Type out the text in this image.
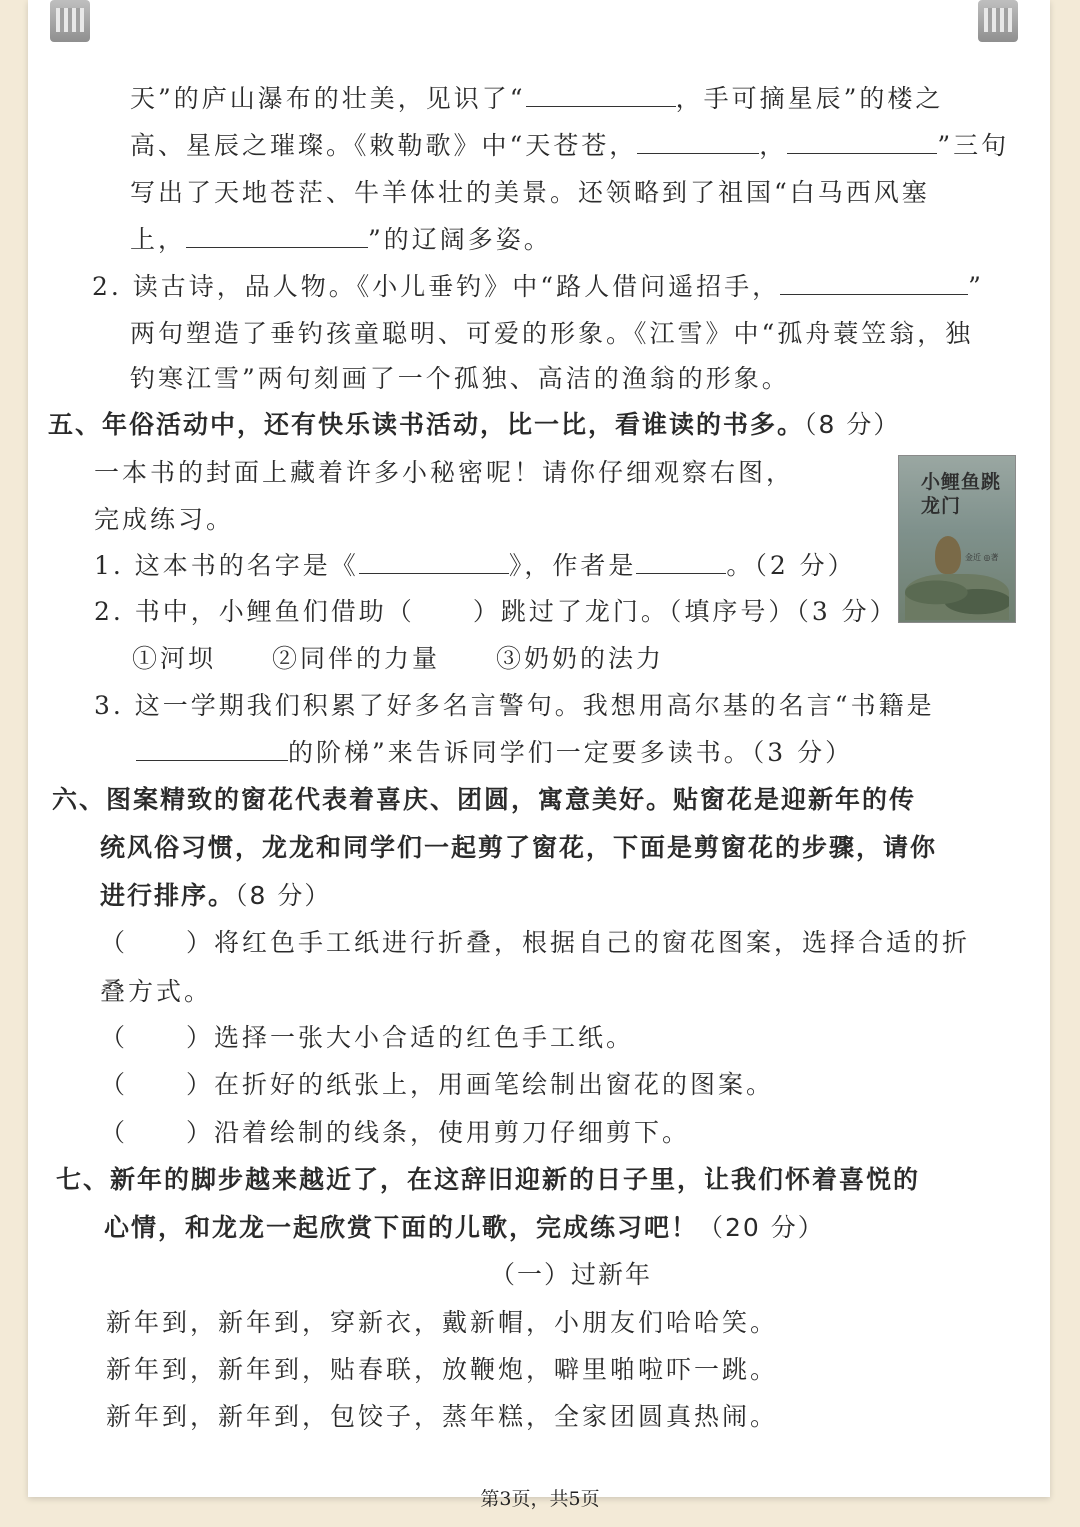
天”的庐山瀑布的壮美，见识了“	，手可摘星辰”的楼之
高、星辰之璀璨。《敕勒歌》中“天苍苍，	，	”三句
写出了天地苍茫、牛羊体壮的美景。还领略到了祖国“白马西风塞
上，	”的辽阔多姿。
2. 读古诗，品人物。《小儿垂钓》中“路人借问遥招手，	”
两句塑造了垂钓孩童聪明、可爱的形象。《江雪》中“孤舟蓑笠翁，独
钓寒江雪”两句刻画了一个孤独、高洁的渔翁的形象。
五、年俗活动中，还有快乐读书活动，比一比，看谁读的书多。（8 分）
一本书的封面上藏着许多小秘密呢！请你仔细观察右图，
完成练习。
1. 这本书的名字是《	》，作者是	。（2 分）
2. 书中，小鲤鱼们借助（ ）跳过了龙门。（填序号）（3 分）
①河坝　　②同伴的力量　　③奶奶的法力
3. 这一学期我们积累了好多名言警句。我想用高尔基的名言“书籍是
的阶梯”来告诉同学们一定要多读书。（3 分）
小鲤鱼跳龙门
金近 ◎著
六、图案精致的窗花代表着喜庆、团圆，寓意美好。贴窗花是迎新年的传
统风俗习惯，龙龙和同学们一起剪了窗花，下面是剪窗花的步骤，请你
进行排序。（8 分）
（ ）将红色手工纸进行折叠，根据自己的窗花图案，选择合适的折
叠方式。
（ ）选择一张大小合适的红色手工纸。
（ ）在折好的纸张上，用画笔绘制出窗花的图案。
（ ）沿着绘制的线条，使用剪刀仔细剪下。
七、新年的脚步越来越近了，在这辞旧迎新的日子里，让我们怀着喜悦的
心情，和龙龙一起欣赏下面的儿歌，完成练习吧！（20 分）
（一）过新年
新年到，新年到，穿新衣，戴新帽，小朋友们哈哈笑。
新年到，新年到，贴春联，放鞭炮，噼里啪啦吓一跳。
新年到，新年到，包饺子，蒸年糕，全家团圆真热闹。
第3页，共5页
